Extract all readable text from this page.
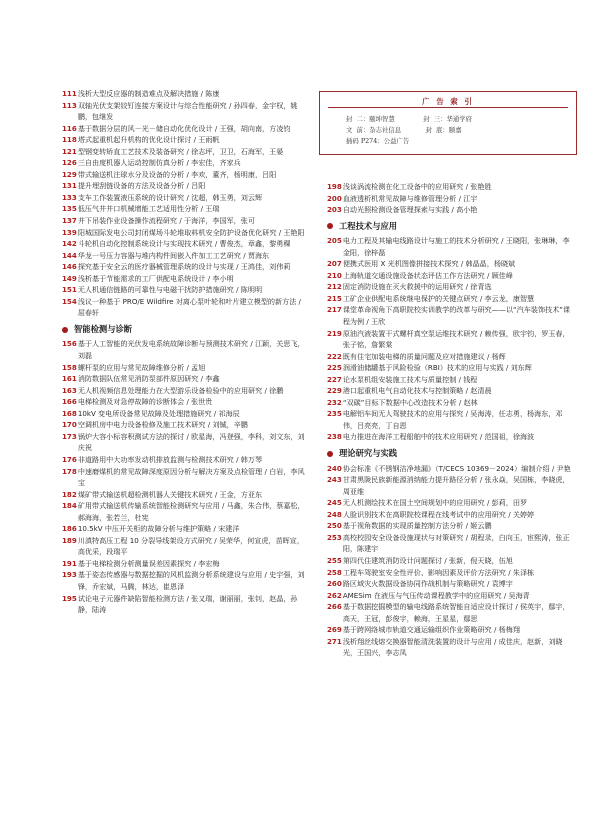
111 浅析大型反应器的制造难点及解决措施 / 陈康
113 双轴光伏支架铰钉连接方案设计与综合性能研究 / 孙四春，金宇权，姚鹏，包继发
116 基于数据分层的风－光－储自动化优化设计 / 王强，胡向南，方凌钧
118 塔式起重机起升机构的优化设计探讨 / 王雨帆
121 型钢变转矫直工艺技术及装备研究 / 徐志坪，卫卫，石海军，王晏
126 三自由度机器人运动控制仿真分析 / 李宏佳，齐家兵
129 带式输送机注球水分及设备的分析 / 李欢，董齐，杨明康，吕阳
131 提升埋刮链设备的方法及设备分析 / 吕阳
133 支车工作装置液压系统的设计研究 / 沈超，韩玉勇，刘云辉
135 低压气井井口机械增能工艺适用性分析 / 王瑞
137 井下吊装作业设备操作流程研究 / 于海洋，李国军，张可
139 阳城国际发电公司封闭煤场斗轮堆取料机安全防护设备优化研究 / 王艳阳
142 斗轮机自动化控制系统设计与实现技术研究 / 曹俊杰，章鑫，黎勇稞
144 华龙一号压力容器与堆内构件间嵌入件加工工艺研究 / 贾海东
146 探究基于安全云的医疗器械管理系统的设计与实现 / 王鸿佳，刘伟莉
149 浅析基于节能需求的工厂供配电系统设计 / 李小明
151 无人机通信链路的可靠性与电磁干扰防护措施研究 / 陈明明
154 浅议一种基于 PRO/E Wildfire 对离心泵叶轮和叶片建立模型的新方法 / 屈春轩
智能检测与诊断
156 基于人工智能的光伏发电系统故障诊断与预测技术研究 / 江颖，关思飞，刘磊
158 螺杆泵的应用与常见故障维修分析 / 孟旭
161 消防数据队伍常见消防泵部件原因研究 / 李鑫
163 无人机视频信息处理能力在大型游乐设备检验中的应用研究 / 徐鹏
166 电梯检测及对急停故障的诊断体会 / 张世贵
168 10kV 变电所设备常见故障及处理措施研究 / 祁海辰
170 空调机房中电力设备检修及施工技术研究 / 刘铖，辛鹏
173 锅炉大容小标容积测试方法的探讨 / 欧星海，冯登强，李科，刘文东，刘庆祝
176 非道路用中大功率发动机排放监测与检测技术研究 / 韩万琴
178 中速磨煤机的常见故障深度原因分析与解决方案及点检管理 / 白岩，李风宝
182 煤矿带式输送机超检测机器人关键技术研究 / 王金，方亚东
184 矿用带式输送机传输系统智能检测研究与应用 / 马鑫，朱合伟，蔡嘉松，郝海海，张若兰，杜宪
186 10.5kV 中压开关柜的故障分析与维护策略 / 宋建洋
189 川滇特高压工程 10 分裂导线架设方式研究 / 吴荣华，何宣虎，苗晖宣，高优采，段瑞平
191 基于电梯检测分析测量误差因素探究 / 李宏梅
193 基于姿态传感器与数据挖掘的风机监测分析系统建设与应用 / 史宇强，刘锋，乔宏斌，马腾，林达，崔恩泽
195 试论电子元器件缺陷智能检测方法 / 张又瑞，谢丽丽，张钊，赵晶，孙静，陆涛
广 告 索 引
封  二：颐坤智慧              封  三：华通学府
文  前：杂志社信息            封  底：颐嘉
插码 P274：公益广告
198 浅谈涡流检测在化工设备中的应用研究 / 张艳胜
200 血液透析机常见故障与维修管理分析 / 江宇
203 自动光照检测设备管理探索与实践 / 高小艳
工程技术与应用
205 电力工程及其输电线路设计与施工的技术分析研究 / 王晓阳，张琳琳，李金阳，徐梓磊
207 便携式医用 X 光机图像拼接技术探究 / 韩晶晶，杨晓斌
210 上海轨道交通设施设备状态评估工作方法研究 / 顾佳峰
212 固定消防设施在灭火救援中的运用研究 / 徐青选
215 工矿企业供配电系统继电保护的关键点研究 / 李云龙，康智慧
217 课堂革命视角下高职院校实训教学的改革与研究——以“汽车装饰技术”课程为例 / 王欣
219 原油汽液装置干式螺杆真空泵运维技术研究 / 赖传强，欧宇钧，罗玉春，张子铭，詹繁棠
222 既有住宅加装电梯的质量问题及应对措施建议 / 杨辉
225 润滑油储罐基于风险检验（RBI）技术的应用与实践 / 刘东辉
227 论水泵机组安装施工技术与质量控制 / 钱程
229 港口起重机电气自动化技术与控制策略 / 赵清晨
232 “双碳”目标下数据中心改造技术分析 / 赵林
235 电解铝车间无人驾驶技术的应用与探究 / 吴海涛，任志勇，杨海东，邓伟，吕亮亮，丁自恩
238 电力推进在海洋工程船舶中的技术应用研究 / 范国祖，徐海波
理论研究与实践
240 协会标准《不锈钢洁净地漏》（T/CECS 10369－2024）编制介绍 / 尹艳
243 甘肃黑陇民族新能源消纳能力提升路径分析 / 张永焱，吴国栋，李晓虎，周亚维
245 无人机测绘技术在国土空间规划中的应用研究 / 彭莉，田罗
248 人脸识别技术在高职院校课程在线考试中的应用研究 / 关婷婷
250 基于视角数据的实现质量控制方法分析 / 姬云鹏
253 高校校园安全设备设施现状与对策研究 / 胡程录，白向玉，宦熙涛，张正阳，陈建宇
255 第四代住建筑消防设计问题探讨 / 张新，倪天晓，伍旭
258 工程车驾驶室安全性评价、影响因素及评价方法研究 / 朱泽栋
260 路区域灾火数据设备协同作战机制与策略研究 / 袁博宇
262 AMESim 在液压与气压传动课程教学中的应用研究 / 吴海青
266 基于数据挖掘模型的输电线路系统智能自适应设计探讨 / 侯英宇，鄢宇，高天，王冠，彭俊宇，赖海，王星星，鄢思
269 基于跨网络城市轨道交通运输组织作业策略研究 / 杨梅翔
271 浅析翔丝线熔交换器智能清洗装置的设计与应用 / 成佳庆，赵新，刘晓光，王国兴，李志凤
